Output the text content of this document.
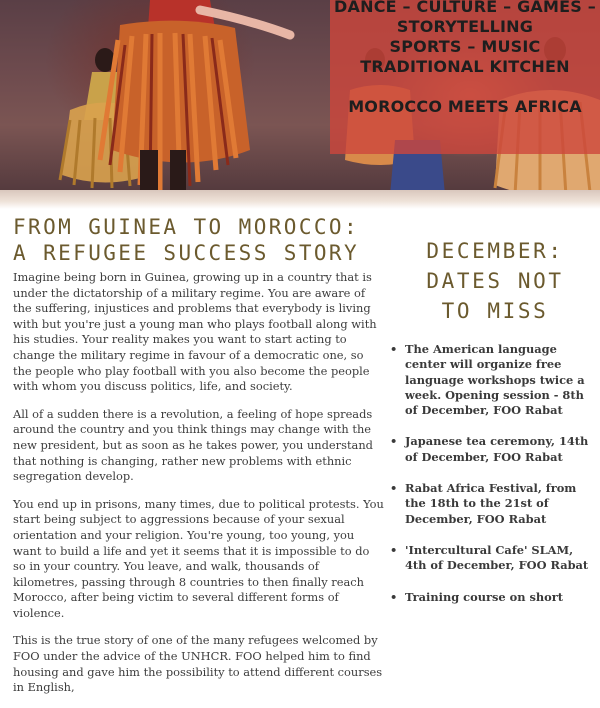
DANCE – CULTURE – GAMES –
STORYTELLING
SPORTS – MUSIC
TRADITIONAL KITCHEN
MOROCCO MEETS AFRICA
FROM GUINEA TO MOROCCO: A REFUGEE SUCCESS STORY

Imagine being born in Guinea, growing up in a country that is under the dictatorship of a military regime. You are aware of the suffering, injustices and problems that everybody is living with but you're just a young man who plays football along with his studies. Your reality makes you want to start acting to change the military regime in favour of a democratic one, so the people who play football with you also become the people with whom you discuss politics, life, and society.

All of a sudden there is a revolution, a feeling of hope spreads around the country and you think things may change with the new president, but as soon as he takes power, you understand that nothing is changing, rather new problems with ethnic segregation develop.

You end up in prisons, many times, due to political protests. You start being subject to aggressions because of your sexual orientation and your religion. You're young, too young, you want to build a life and yet it seems that it is impossible to do so in your country. You leave, and walk, thousands of kilometres, passing through 8 countries to then finally reach Morocco, after being victim to several different forms of violence.

This is the true story of one of the many refugees welcomed by FOO under the advice of the UNHCR. FOO helped him to find housing and gave him the possibility to attend different courses in English,

DECEMBER: DATES NOT TO MISS
• The American language center will organize free language workshops twice a week. Opening session - 8th of December, FOO Rabat
• Japanese tea ceremony, 14th of December, FOO Rabat
• Rabat Africa Festival, from the 18th to the 21st of December, FOO Rabat
• 'Intercultural Cafe' SLAM, 4th of December, FOO Rabat
• Training course on short
